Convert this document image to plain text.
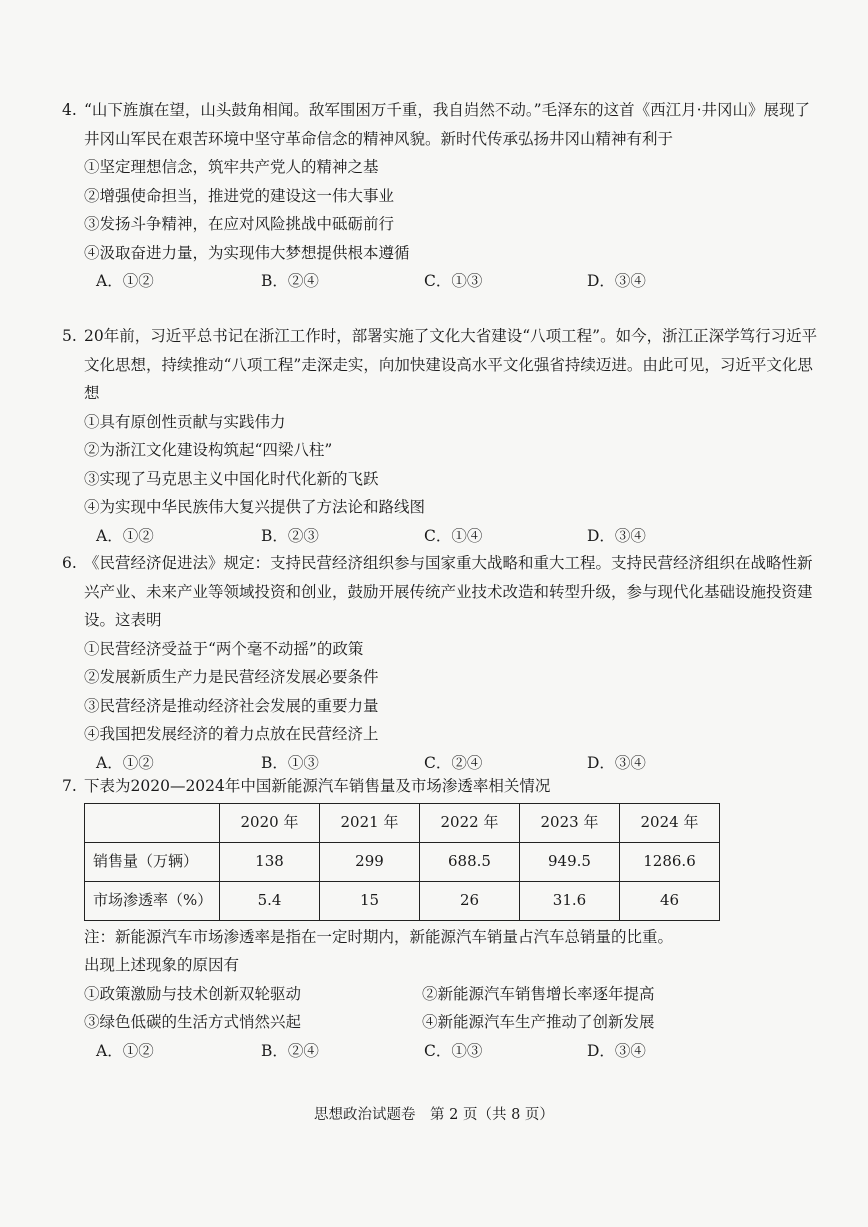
4. “山下旌旗在望，山头鼓角相闻。敌军围困万千重，我自岿然不动。”毛泽东的这首《西江月·井冈山》展现了井冈山军民在艰苦环境中坚守革命信念的精神风貌。新时代传承弘扬井冈山精神有利于
①坚定理想信念，筑牢共产党人的精神之基
②增强使命担当，推进党的建设这一伟大事业
③发扬斗争精神，在应对风险挑战中砥砺前行
④汲取奋进力量，为实现伟大梦想提供根本遵循
A．①②	B．②④	C．①③	D．③④
5. 20年前，习近平总书记在浙江工作时，部署实施了文化大省建设“八项工程”。如今，浙江正深学笃行习近平文化思想，持续推动“八项工程”走深走实，向加快建设高水平文化强省持续迈进。由此可见，习近平文化思想
①具有原创性贡献与实践伟力
②为浙江文化建设构筑起“四梁八柱”
③实现了马克思主义中国化时代化新的飞跃
④为实现中华民族伟大复兴提供了方法论和路线图
A．①②	B．②③	C．①④	D．③④
6. 《民营经济促进法》规定：支持民营经济组织参与国家重大战略和重大工程。支持民营经济组织在战略性新兴产业、未来产业等领域投资和创业，鼓励开展传统产业技术改造和转型升级，参与现代化基础设施投资建设。这表明
①民营经济受益于“两个毫不动摇”的政策
②发展新质生产力是民营经济发展必要条件
③民营经济是推动经济社会发展的重要力量
④我国把发展经济的着力点放在民营经济上
A．①②	B．①③	C．②④	D．③④
7. 下表为2020—2024年中国新能源汽车销售量及市场渗透率相关情况
	2020 年	2021 年	2022 年	2023 年	2024 年
销售量（万辆）	138	299	688.5	949.5	1286.6
市场渗透率（%）	5.4	15	26	31.6	46
注：新能源汽车市场渗透率是指在一定时期内，新能源汽车销量占汽车总销量的比重。
出现上述现象的原因有
①政策激励与技术创新双轮驱动	②新能源汽车销售增长率逐年提高
③绿色低碳的生活方式悄然兴起	④新能源汽车生产推动了创新发展
A．①②	B．②④	C．①③	D．③④
思想政治试题卷　第 2 页（共 8 页）
